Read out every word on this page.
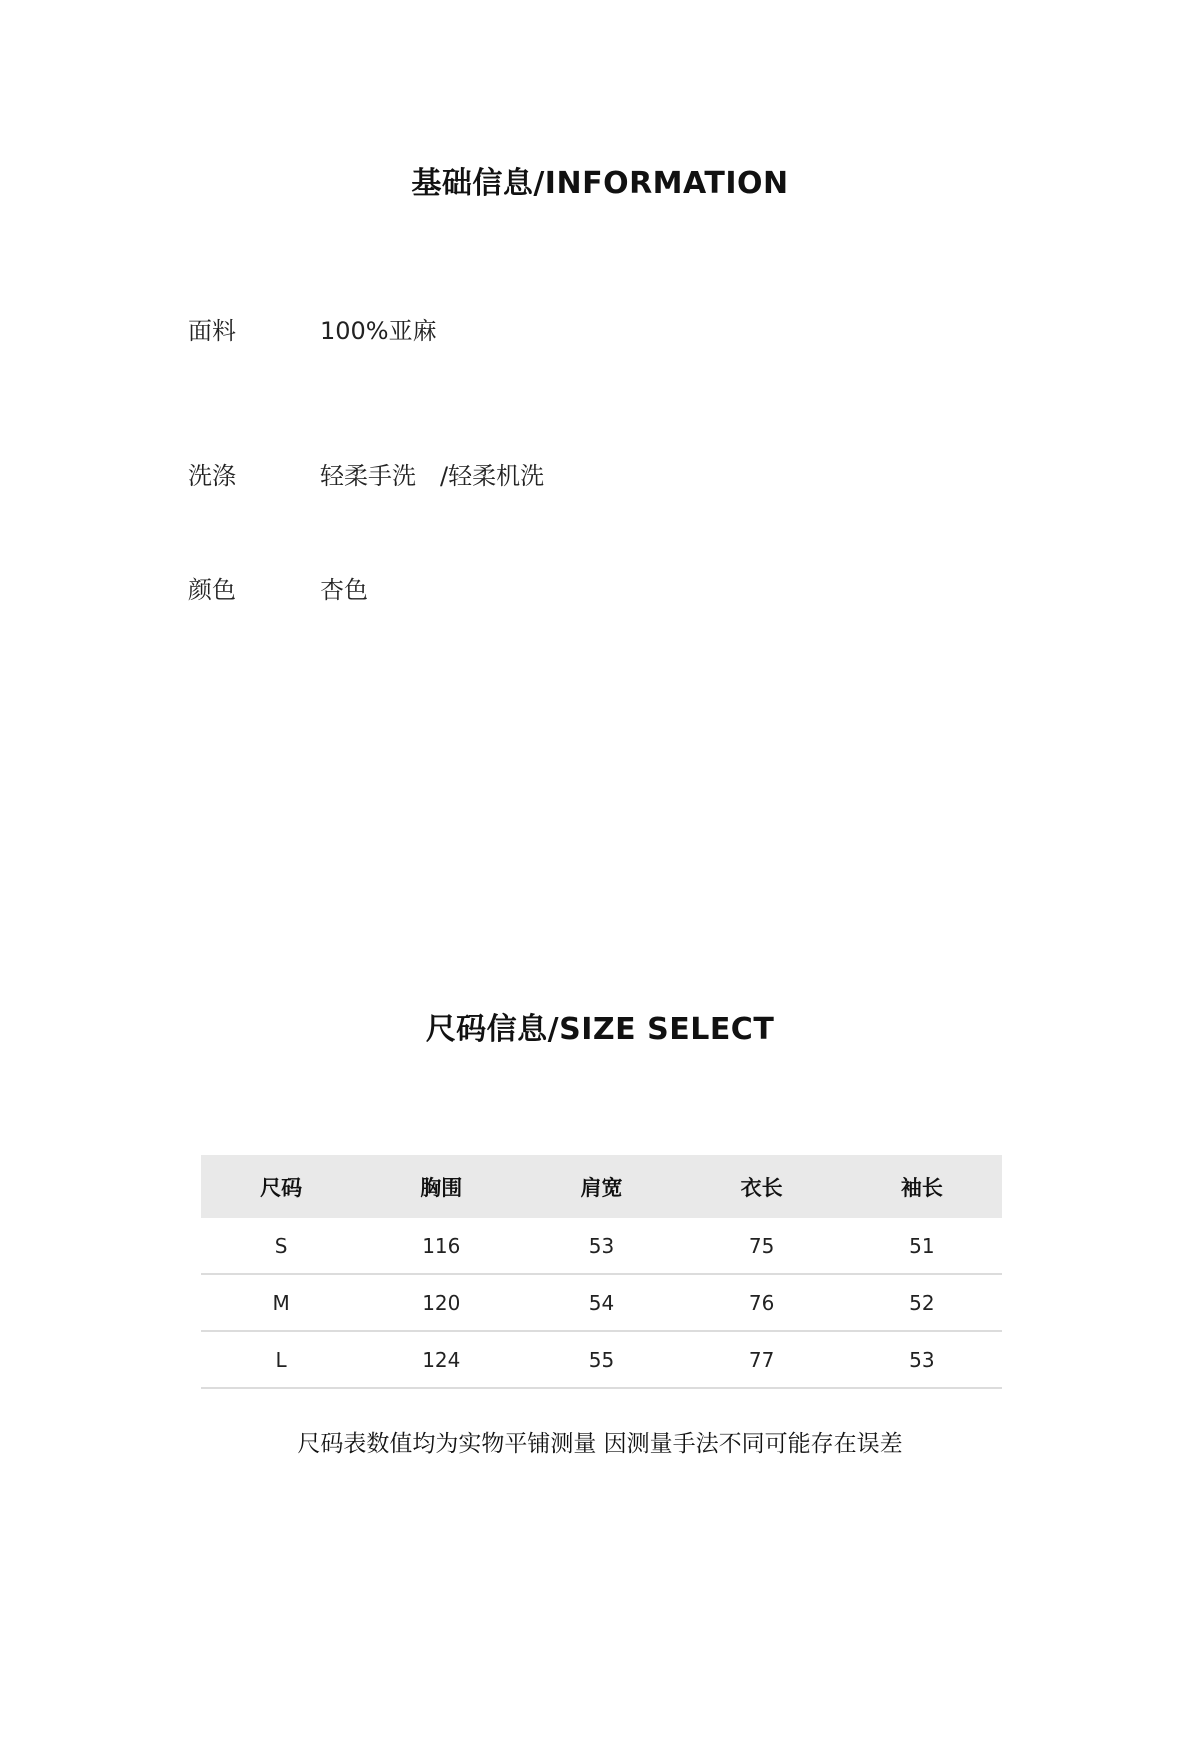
基础信息/INFORMATION
面料	100%亚麻
洗涤	轻柔手洗　/轻柔机洗
颜色	杏色
尺码信息/SIZE SELECT
尺码	胸围	肩宽	衣长	袖长
S	116	53	75	51
M	120	54	76	52
L	124	55	77	53
尺码表数值均为实物平铺测量 因测量手法不同可能存在误差
